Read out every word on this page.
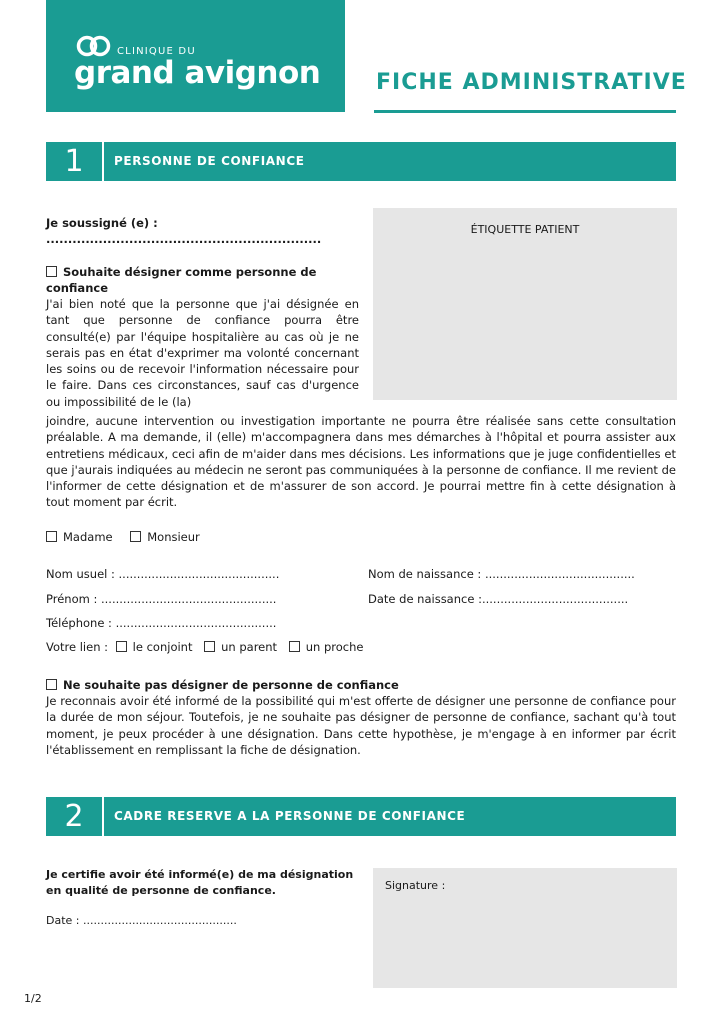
CLINIQUE DU
grand avignon	FICHE ADMINISTRATIVE
1	PERSONNE DE CONFIANCE
ÉTIQUETTE PATIENT
Je soussigné (e) :
...............................................................
Souhaite désigner comme personne de confiance
J'ai bien noté que la personne que j'ai désignée en tant que personne de confiance pourra être consulté(e) par l'équipe hospitalière au cas où je ne serais pas en état d'exprimer ma volonté concernant les soins ou de recevoir l'information nécessaire pour le faire. Dans ces circonstances, sauf cas d'urgence ou impossibilité de le (la)
joindre, aucune intervention ou investigation importante ne pourra être réalisée sans cette consultation préalable. A ma demande, il (elle) m'accompagnera dans mes démarches à l'hôpital et pourra assister aux entretiens médicaux, ceci afin de m'aider dans mes décisions. Les informations que je juge confidentielles et que j'aurais indiquées au médecin ne seront pas communiquées à la personne de confiance. Il me revient de l'informer de cette désignation et de m'assurer de son accord. Je pourrai mettre fin à cette désignation à tout moment par écrit.
Madame	Monsieur
Nom usuel : ............................................	Nom de naissance : .........................................
Prénom : ................................................	Date de naissance :........................................
Téléphone : ............................................
Votre lien : le conjoint un parent un proche
Ne souhaite pas désigner de personne de confiance
Je reconnais avoir été informé de la possibilité qui m'est offerte de désigner une personne de confiance pour la durée de mon séjour. Toutefois, je ne souhaite pas désigner de personne de confiance, sachant qu'à tout moment, je peux procéder à une désignation. Dans cette hypothèse, je m'engage à en informer par écrit l'établissement en remplissant la fiche de désignation.
2	CADRE RESERVE A LA PERSONNE DE CONFIANCE
Je certifie avoir été informé(e) de ma désignation en qualité de personne de confiance.
Date : ............................................
Signature :
1/2
